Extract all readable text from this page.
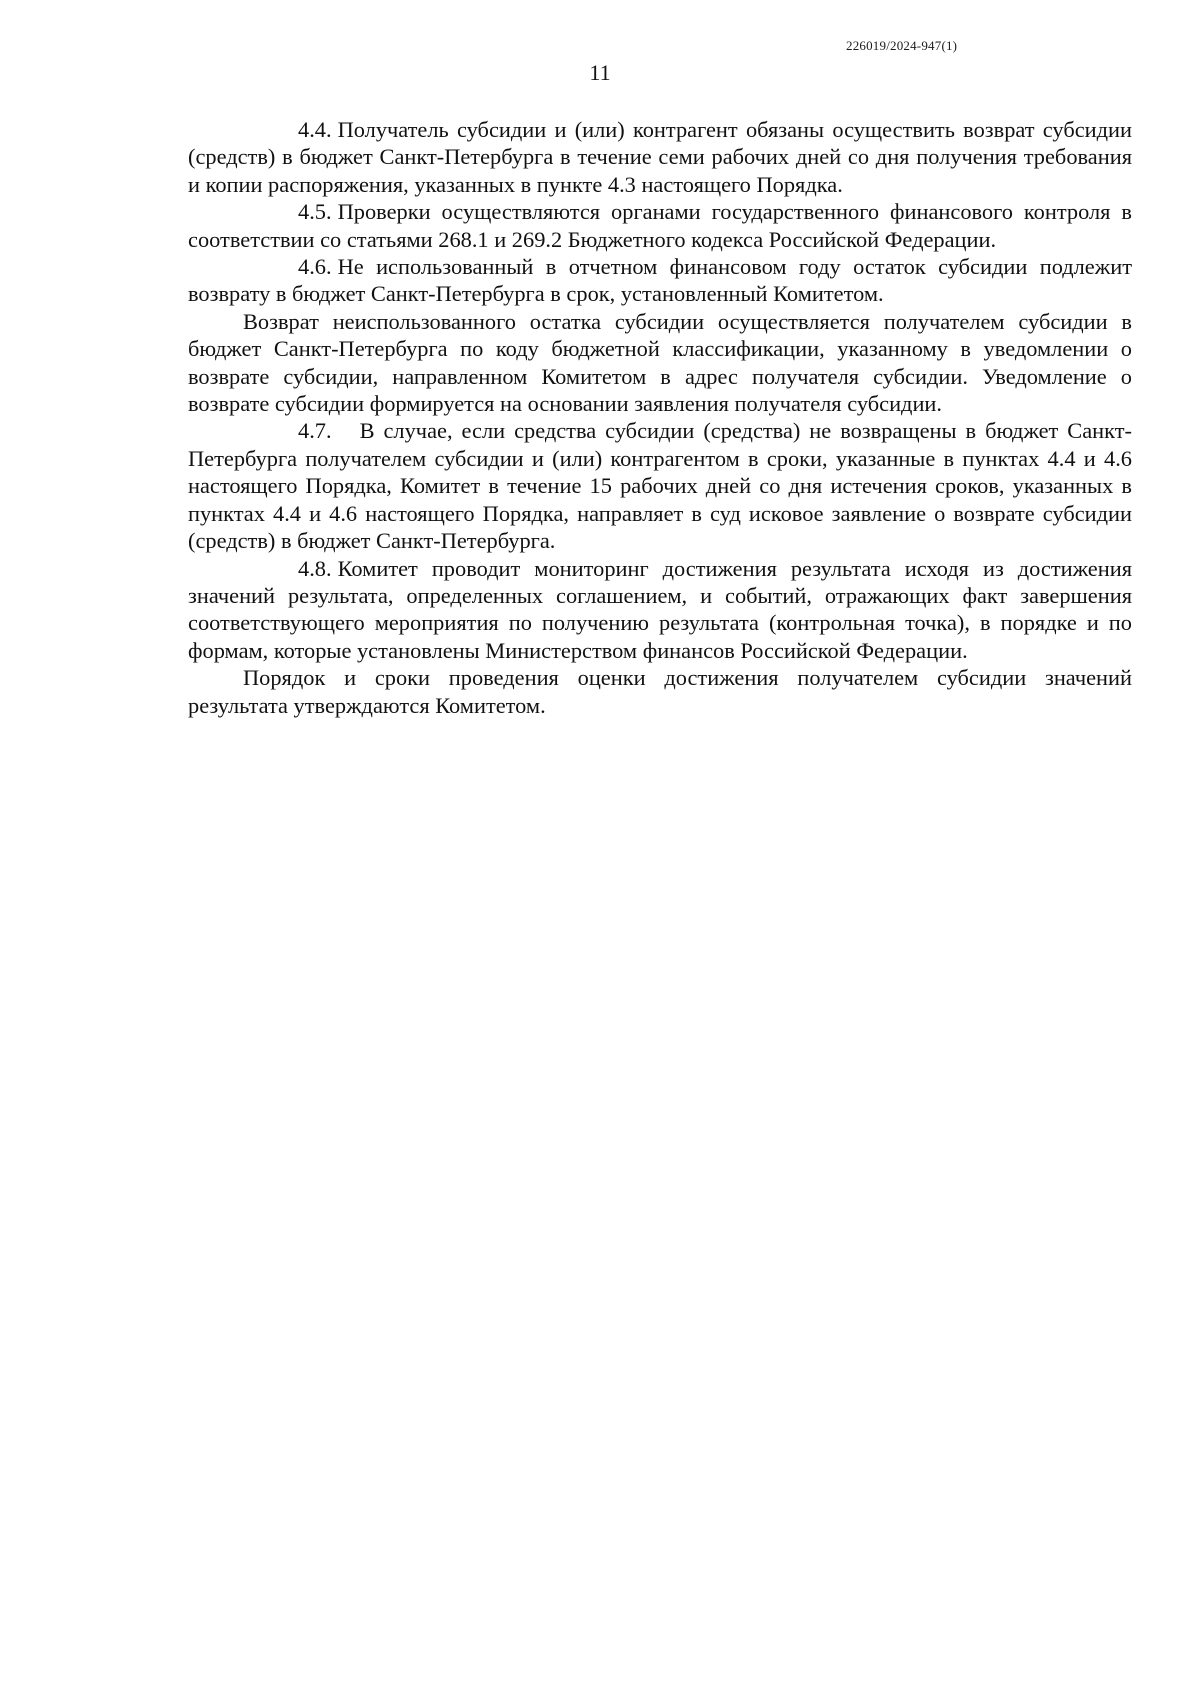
226019/2024-947(1)
11

4.4. Получатель субсидии и (или) контрагент обязаны осуществить возврат субсидии (средств) в бюджет Санкт-Петербурга в течение семи рабочих дней со дня получения требования и копии распоряжения, указанных в пункте 4.3 настоящего Порядка.

4.5. Проверки осуществляются органами государственного финансового контроля в соответствии со статьями 268.1 и 269.2 Бюджетного кодекса Российской Федерации.

4.6. Не использованный в отчетном финансовом году остаток субсидии подлежит возврату в бюджет Санкт-Петербурга в срок, установленный Комитетом.

Возврат неиспользованного остатка субсидии осуществляется получателем субсидии в бюджет Санкт-Петербурга по коду бюджетной классификации, указанному в уведомлении о возврате субсидии, направленном Комитетом в адрес получателя субсидии. Уведомление о возврате субсидии формируется на основании заявления получателя субсидии.

4.7. В случае, если средства субсидии (средства) не возвращены в бюджет Санкт-Петербурга получателем субсидии и (или) контрагентом в сроки, указанные в пунктах 4.4 и 4.6 настоящего Порядка, Комитет в течение 15 рабочих дней со дня истечения сроков, указанных в пунктах 4.4 и 4.6 настоящего Порядка, направляет в суд исковое заявление о возврате субсидии (средств) в бюджет Санкт-Петербурга.

4.8. Комитет проводит мониторинг достижения результата исходя из достижения значений результата, определенных соглашением, и событий, отражающих факт завершения соответствующего мероприятия по получению результата (контрольная точка), в порядке и по формам, которые установлены Министерством финансов Российской Федерации.

Порядок и сроки проведения оценки достижения получателем субсидии значений результата утверждаются Комитетом.
